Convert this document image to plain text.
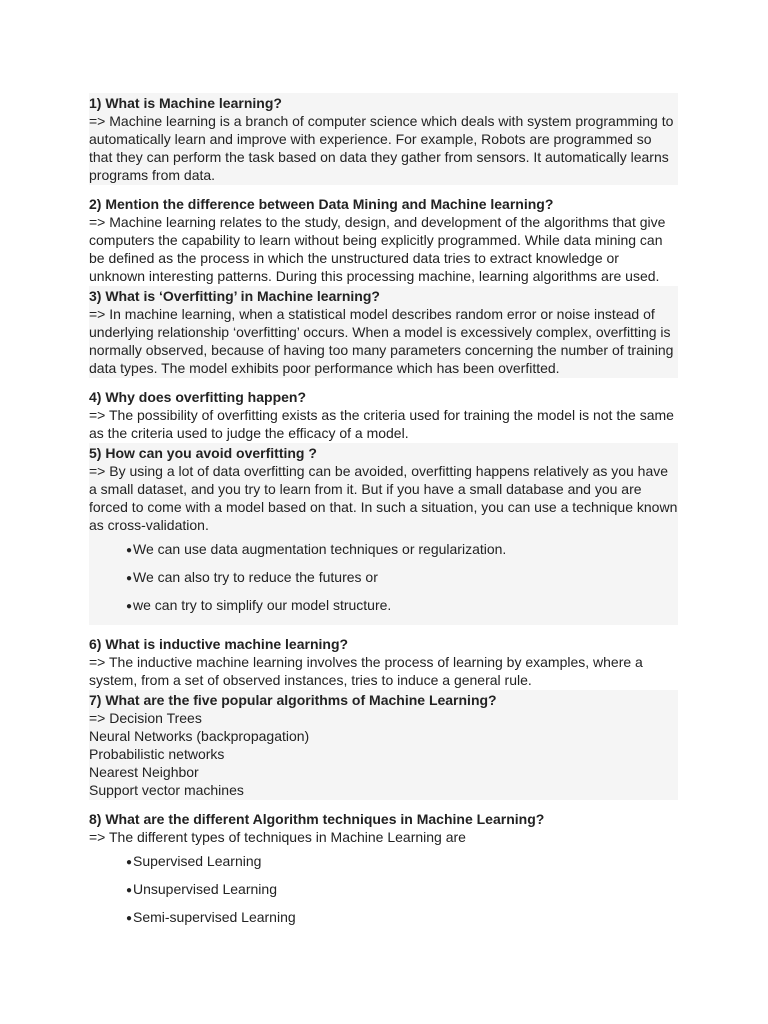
1) What is Machine learning?

=> Machine learning is a branch of computer science which deals with system programming to automatically learn and improve with experience. For example, Robots are programmed so that they can perform the task based on data they gather from sensors. It automatically learns programs from data.

2) Mention the difference between Data Mining and Machine learning?

=> Machine learning relates to the study, design, and development of the algorithms that give computers the capability to learn without being explicitly programmed. While data mining can be defined as the process in which the unstructured data tries to extract knowledge or unknown interesting patterns. During this processing machine, learning algorithms are used.

3) What is ‘Overfitting’ in Machine learning?

=> In machine learning, when a statistical model describes random error or noise instead of underlying relationship ‘overfitting’ occurs. When a model is excessively complex, overfitting is normally observed, because of having too many parameters concerning the number of training data types. The model exhibits poor performance which has been overfitted.

4) Why does overfitting happen?

=> The possibility of overfitting exists as the criteria used for training the model is not the same as the criteria used to judge the efficacy of a model.

5) How can you avoid overfitting ?

=> By using a lot of data overfitting can be avoided, overfitting happens relatively as you have a small dataset, and you try to learn from it. But if you have a small database and you are forced to come with a model based on that. In such a situation, you can use a technique known as cross-validation.

●We can use data augmentation techniques or regularization.
●We can also try to reduce the futures or
●we can try to simplify our model structure.

6) What is inductive machine learning?

=> The inductive machine learning involves the process of learning by examples, where a system, from a set of observed instances, tries to induce a general rule.

7) What are the five popular algorithms of Machine Learning?

=> Decision Trees

Neural Networks (backpropagation)

Probabilistic networks

Nearest Neighbor

Support vector machines

8) What are the different Algorithm techniques in Machine Learning?

=> The different types of techniques in Machine Learning are

●Supervised Learning
●Unsupervised Learning
●Semi-supervised Learning
